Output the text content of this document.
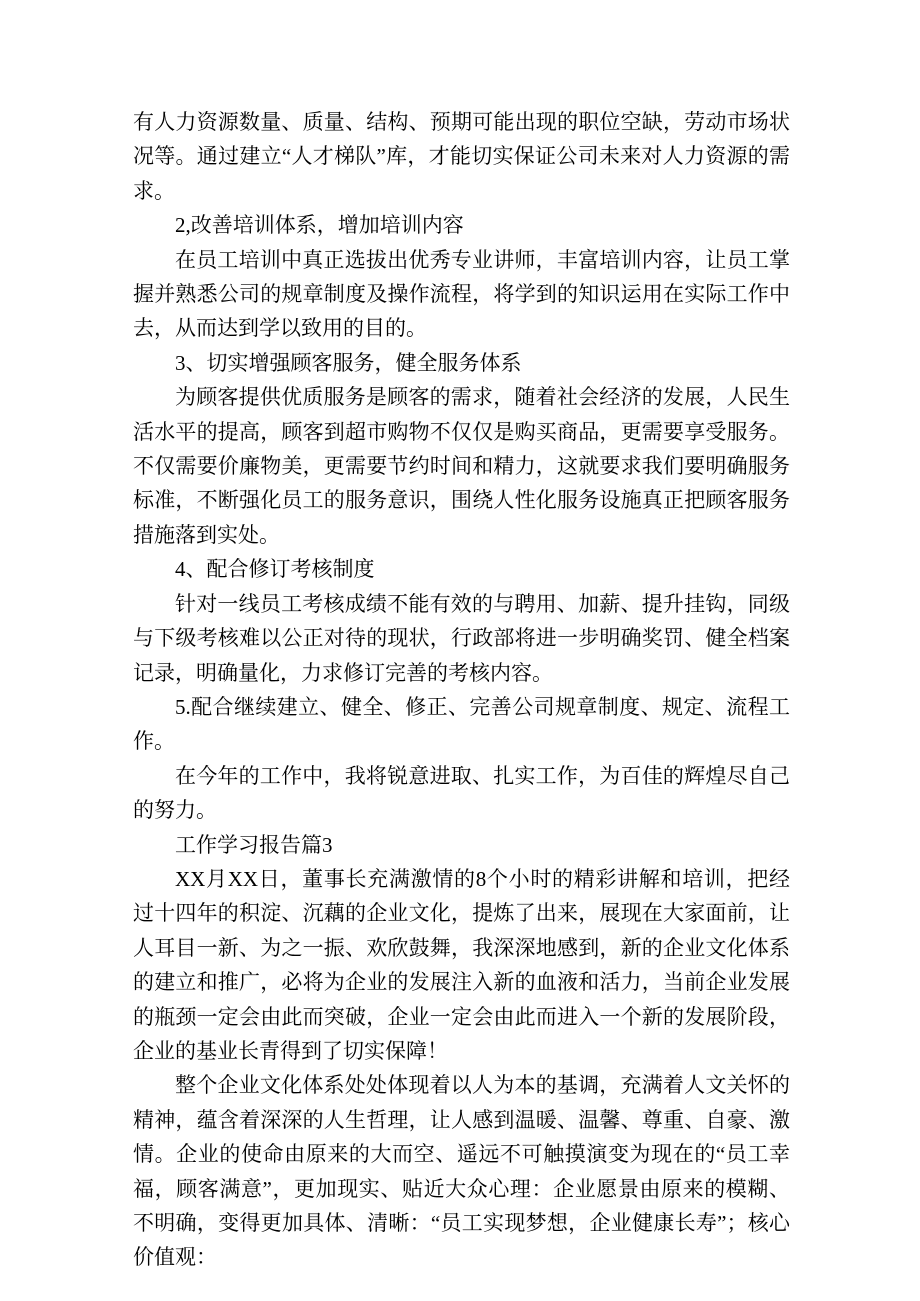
有人力资源数量、质量、结构、预期可能出现的职位空缺，劳动市场状况等。通过建立“人才梯队”库，才能切实保证公司未来对人力资源的需求。

2,改善培训体系，增加培训内容

在员工培训中真正选拔出优秀专业讲师，丰富培训内容，让员工掌握并熟悉公司的规章制度及操作流程，将学到的知识运用在实际工作中去，从而达到学以致用的目的。

3、切实增强顾客服务，健全服务体系

为顾客提供优质服务是顾客的需求，随着社会经济的发展，人民生活水平的提高，顾客到超市购物不仅仅是购买商品，更需要享受服务。不仅需要价廉物美，更需要节约时间和精力，这就要求我们要明确服务标准，不断强化员工的服务意识，围绕人性化服务设施真正把顾客服务措施落到实处。

4、配合修订考核制度

针对一线员工考核成绩不能有效的与聘用、加薪、提升挂钩，同级与下级考核难以公正对待的现状，行政部将进一步明确奖罚、健全档案记录，明确量化，力求修订完善的考核内容。

5.配合继续建立、健全、修正、完善公司规章制度、规定、流程工作。

在今年的工作中，我将锐意进取、扎实工作，为百佳的辉煌尽自己的努力。

工作学习报告篇3

XX月XX日，董事长充满激情的8个小时的精彩讲解和培训，把经过十四年的积淀、沉藕的企业文化，提炼了出来，展现在大家面前，让人耳目一新、为之一振、欢欣鼓舞，我深深地感到，新的企业文化体系的建立和推广，必将为企业的发展注入新的血液和活力，当前企业发展的瓶颈一定会由此而突破，企业一定会由此而进入一个新的发展阶段，企业的基业长青得到了切实保障！

整个企业文化体系处处体现着以人为本的基调，充满着人文关怀的精神，蕴含着深深的人生哲理，让人感到温暖、温馨、尊重、自豪、激情。企业的使命由原来的大而空、遥远不可触摸演变为现在的“员工幸福，顾客满意”，更加现实、贴近大众心理：企业愿景由原来的模糊、不明确，变得更加具体、清晰：“员工实现梦想，企业健康长寿”；核心价值观：
